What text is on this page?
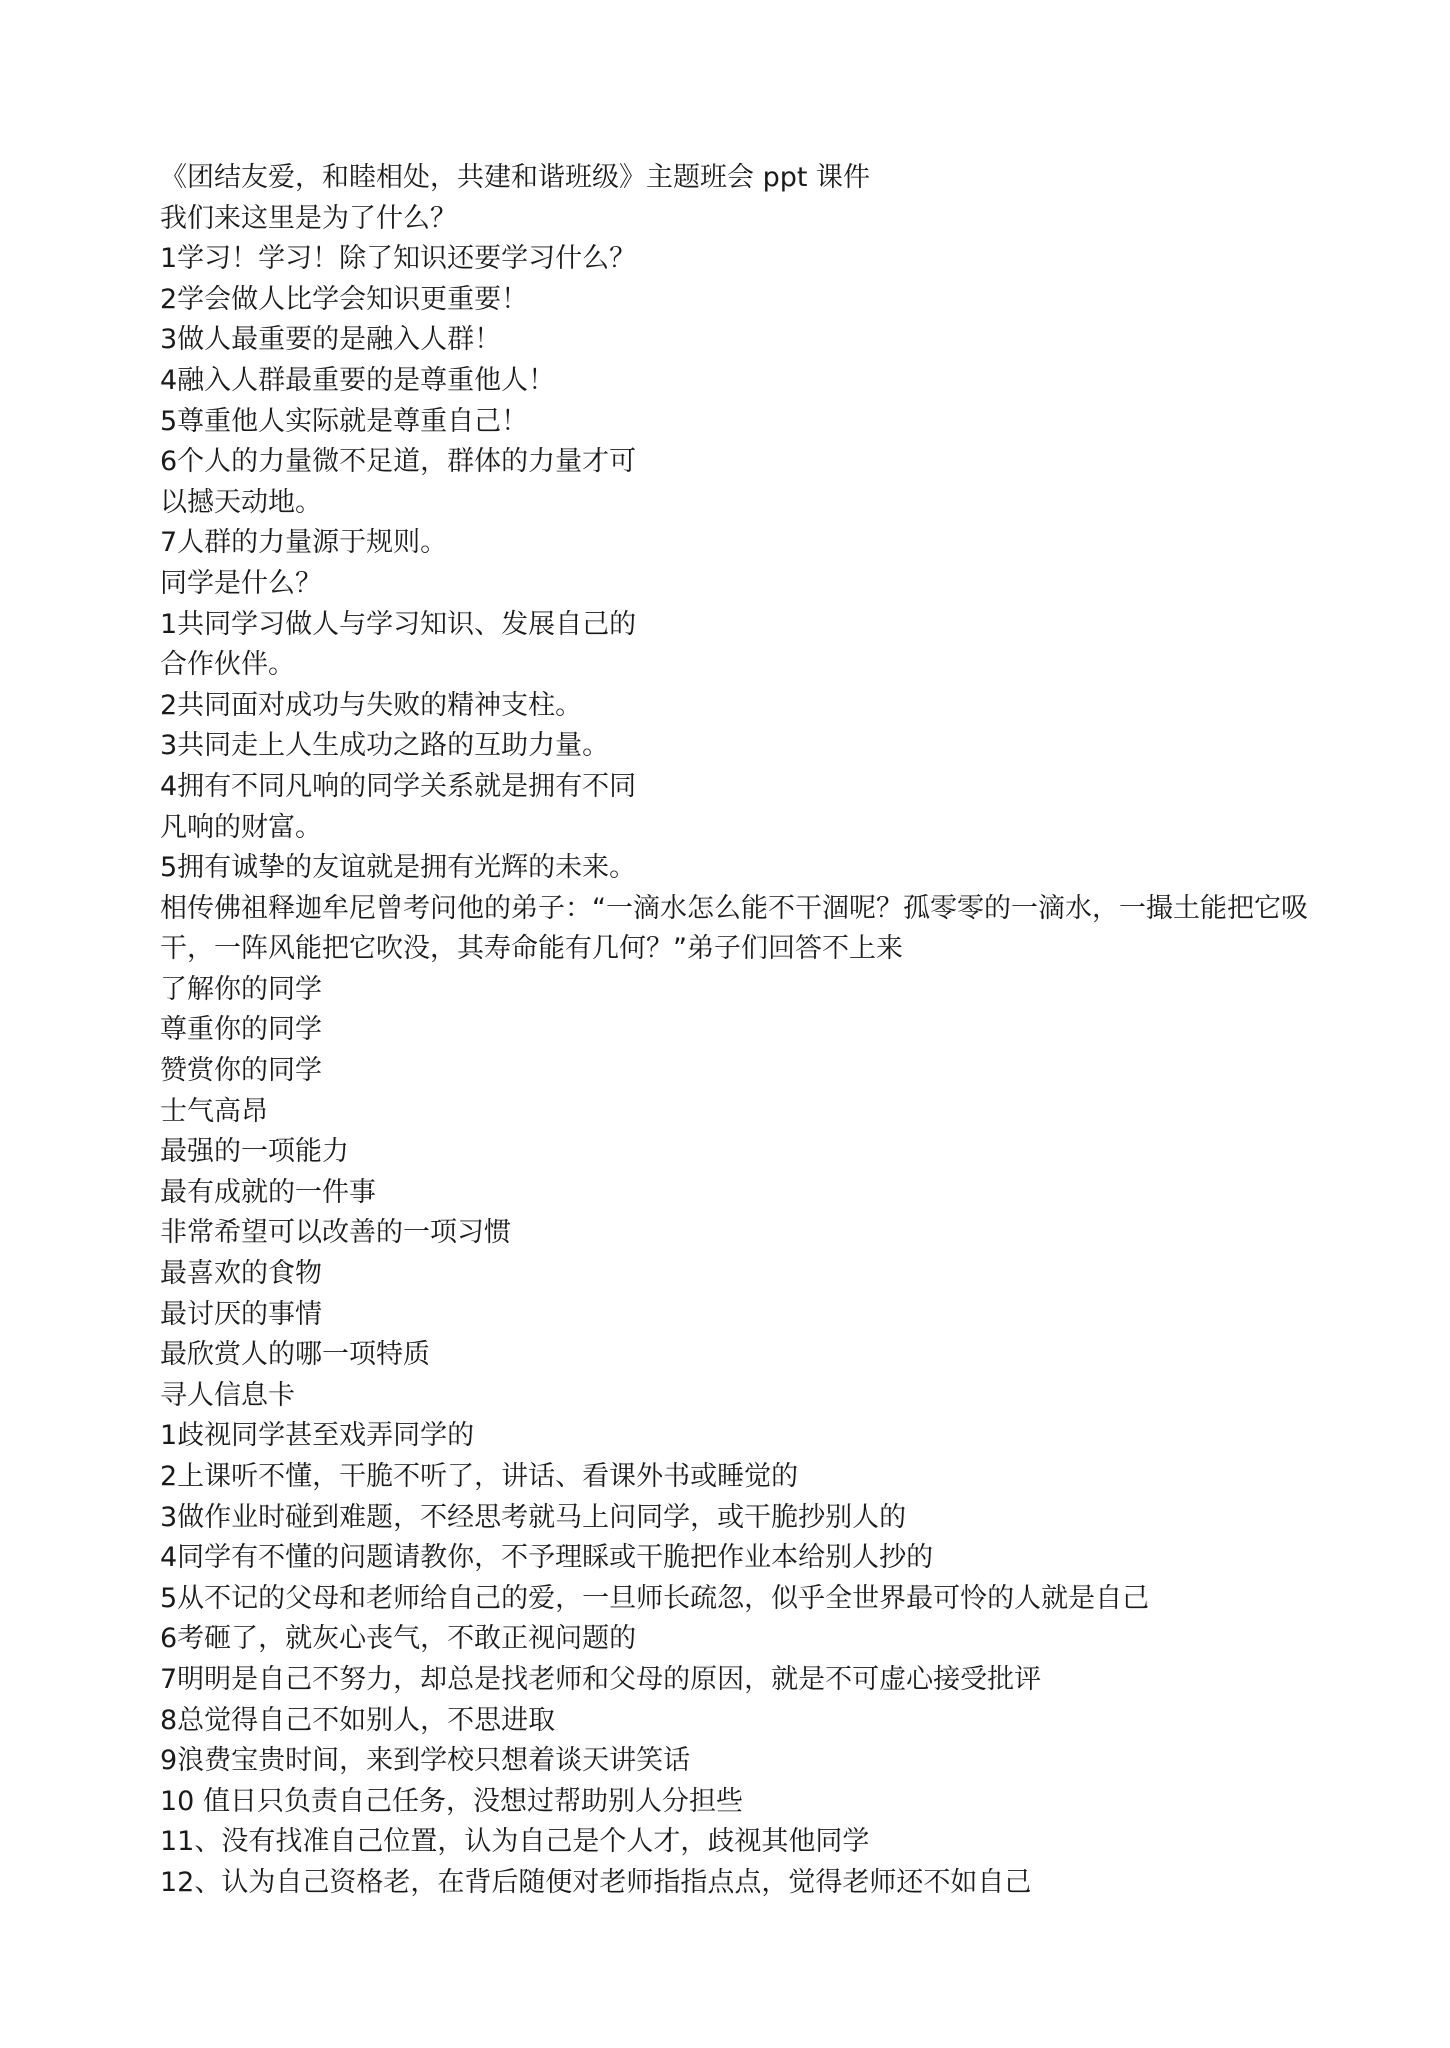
《团结友爱，和睦相处，共建和谐班级》主题班会 ppt 课件
我们来这里是为了什么？
1学习！学习！除了知识还要学习什么？
2学会做人比学会知识更重要！
3做人最重要的是融入人群！
4融入人群最重要的是尊重他人！
5尊重他人实际就是尊重自己！
6个人的力量微不足道，群体的力量才可
以撼天动地。
7人群的力量源于规则。
同学是什么？
1共同学习做人与学习知识、发展自己的
合作伙伴。
2共同面对成功与失败的精神支柱。
3共同走上人生成功之路的互助力量。
4拥有不同凡响的同学关系就是拥有不同
凡响的财富。
5拥有诚挚的友谊就是拥有光辉的未来。
相传佛祖释迦牟尼曾考问他的弟子：“一滴水怎么能不干涸呢？孤零零的一滴水，一撮土能把它吸
干，一阵风能把它吹没，其寿命能有几何？”弟子们回答不上来
了解你的同学
尊重你的同学
赞赏你的同学
士气高昂
最强的一项能力
最有成就的一件事
非常希望可以改善的一项习惯
最喜欢的食物
最讨厌的事情
最欣赏人的哪一项特质
寻人信息卡
1歧视同学甚至戏弄同学的
2上课听不懂，干脆不听了，讲话、看课外书或睡觉的
3做作业时碰到难题，不经思考就马上问同学，或干脆抄别人的
4同学有不懂的问题请教你，不予理睬或干脆把作业本给别人抄的
5从不记的父母和老师给自己的爱，一旦师长疏忽，似乎全世界最可怜的人就是自己
6考砸了，就灰心丧气，不敢正视问题的
7明明是自己不努力，却总是找老师和父母的原因，就是不可虚心接受批评
8总觉得自己不如别人，不思进取
9浪费宝贵时间，来到学校只想着谈天讲笑话
10 值日只负责自己任务，没想过帮助别人分担些
11、没有找准自己位置，认为自己是个人才，歧视其他同学
12、认为自己资格老，在背后随便对老师指指点点，觉得老师还不如自己
